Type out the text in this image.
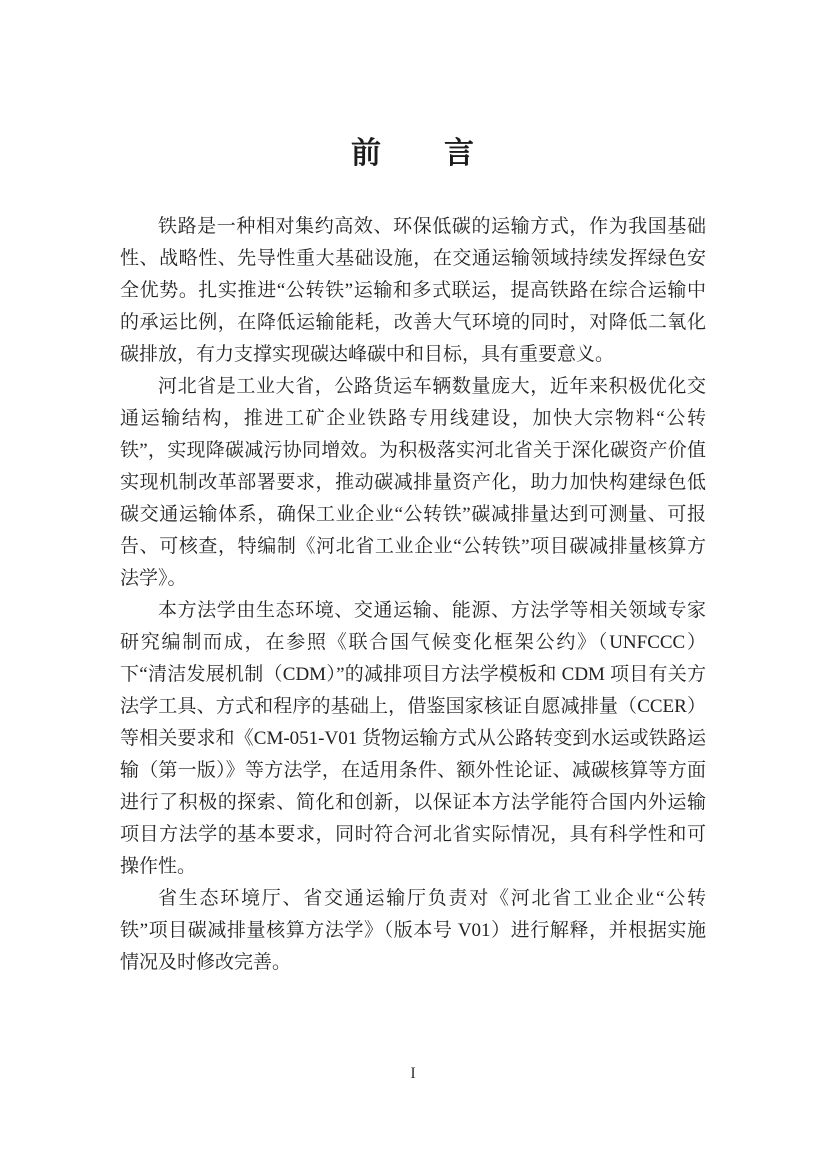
前　　言

铁路是一种相对集约高效、环保低碳的运输方式，作为我国基础性、战略性、先导性重大基础设施，在交通运输领域持续发挥绿色安全优势。扎实推进“公转铁”运输和多式联运，提高铁路在综合运输中的承运比例，在降低运输能耗，改善大气环境的同时，对降低二氧化碳排放，有力支撑实现碳达峰碳中和目标，具有重要意义。

河北省是工业大省，公路货运车辆数量庞大，近年来积极优化交通运输结构，推进工矿企业铁路专用线建设，加快大宗物料“公转铁”，实现降碳减污协同增效。为积极落实河北省关于深化碳资产价值实现机制改革部署要求，推动碳减排量资产化，助力加快构建绿色低碳交通运输体系，确保工业企业“公转铁”碳减排量达到可测量、可报告、可核查，特编制《河北省工业企业“公转铁”项目碳减排量核算方法学》。

本方法学由生态环境、交通运输、能源、方法学等相关领域专家研究编制而成，在参照《联合国气候变化框架公约》（UNFCCC）下“清洁发展机制（CDM）”的减排项目方法学模板和 CDM 项目有关方法学工具、方式和程序的基础上，借鉴国家核证自愿减排量（CCER）等相关要求和《CM-051-V01 货物运输方式从公路转变到水运或铁路运输（第一版）》等方法学，在适用条件、额外性论证、减碳核算等方面进行了积极的探索、简化和创新，以保证本方法学能符合国内外运输项目方法学的基本要求，同时符合河北省实际情况，具有科学性和可操作性。

省生态环境厅、省交通运输厅负责对《河北省工业企业“公转铁”项目碳减排量核算方法学》（版本号 V01）进行解释，并根据实施情况及时修改完善。

I
